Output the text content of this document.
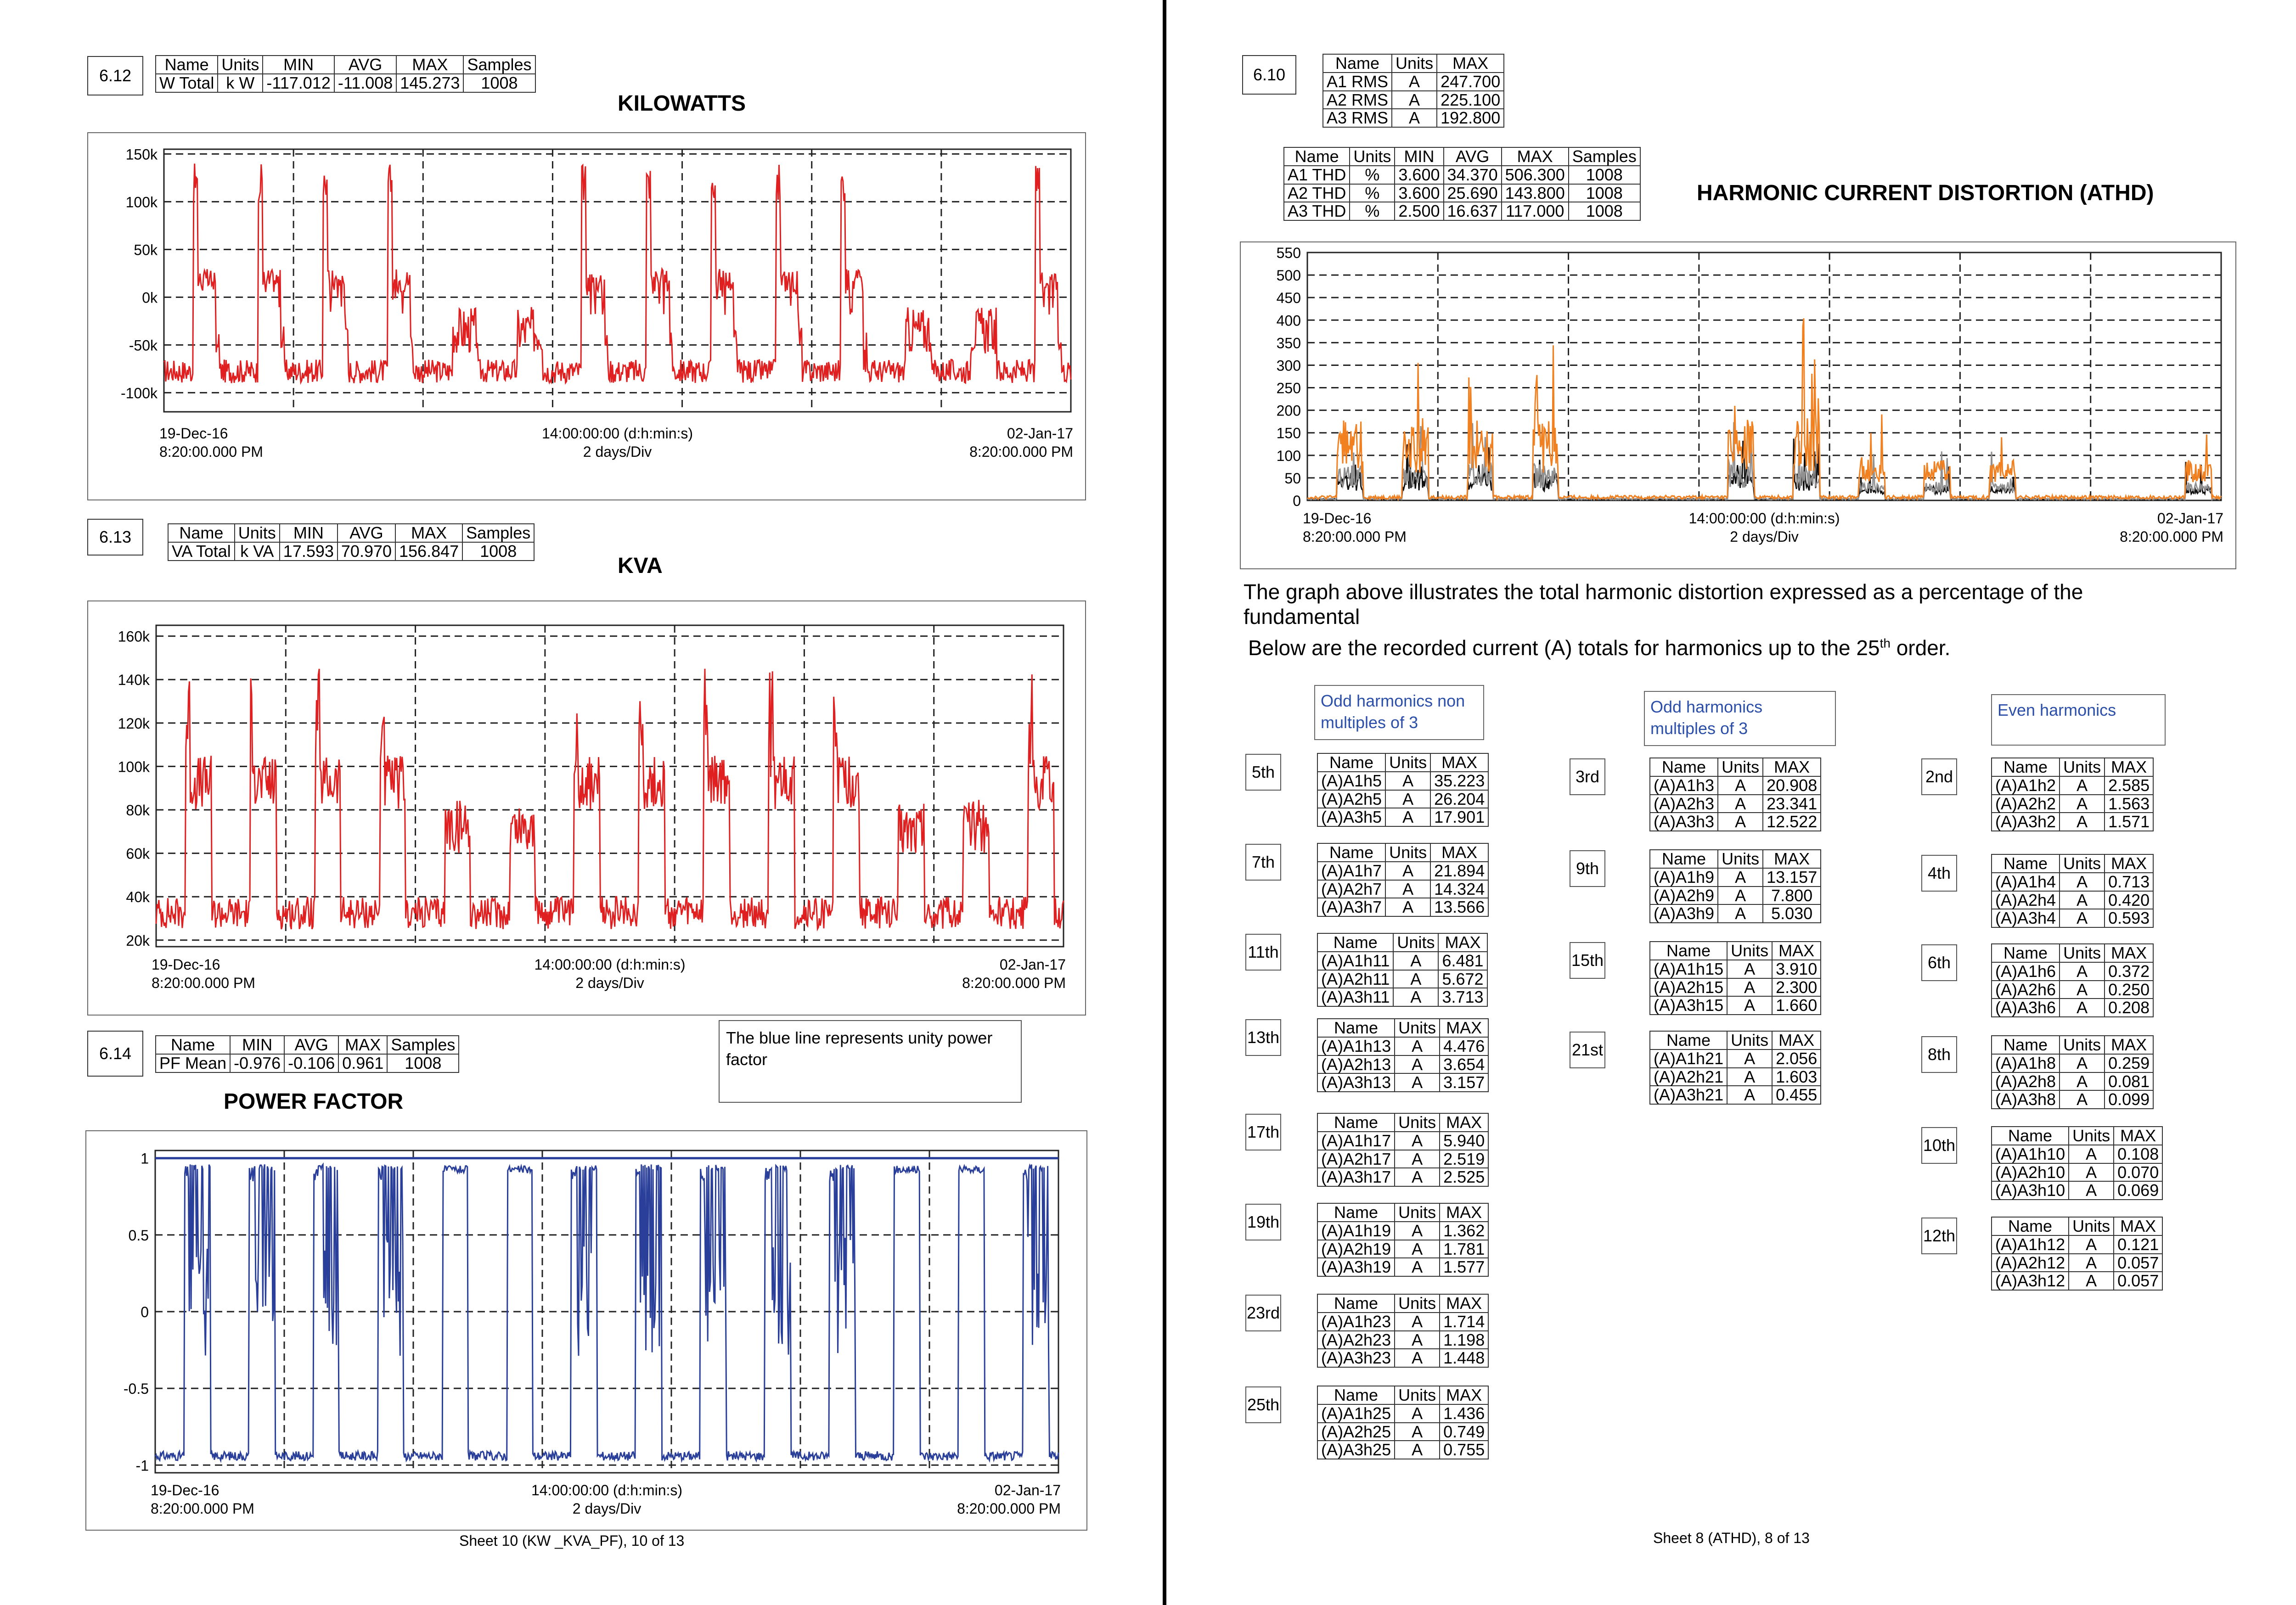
6.12
Name	Units	MIN	AVG	MAX	Samples
W Total	k W	-117.012	-11.008	145.273	1008
KILOWATTS
-100k
-50k
0k
50k
100k
150k
19-Dec-16
8:20:00.000 PM
14:00:00:00 (d:h:min:s)
2 days/Div
02-Jan-17
8:20:00.000 PM
6.13	Name	Units	MIN	AVG	MAX	Samples
VA Total	k VA	17.593	70.970	156.847	1008
KVA
20k
40k
60k
80k
100k
120k
140k
160k
19-Dec-16
8:20:00.000 PM
14:00:00:00 (d:h:min:s)
2 days/Div
02-Jan-17
8:20:00.000 PM
6.14	Name	MIN	AVG	MAX	Samples
PF Mean	-0.976	-0.106	0.961	1008
POWER FACTOR
The blue line represents unity power factor
-1
-0.5
0
0.5
1
19-Dec-16
8:20:00.000 PM
14:00:00:00 (d:h:min:s)
2 days/Div
02-Jan-17
8:20:00.000 PM
Sheet 10 (KW _KVA_PF), 10 of 13
6.10
Name	Units	MAX
A1 RMS	A	247.700
A2 RMS	A	225.100
A3 RMS	A	192.800
Name	Units	MIN	AVG	MAX	Samples
A1 THD	%	3.600	34.370	506.300	1008
A2 THD	%	3.600	25.690	143.800	1008
A3 THD	%	2.500	16.637	117.000	1008
HARMONIC CURRENT DISTORTION (ATHD)
0
50
100
150
200
250
300
350
400
450
500
550
19-Dec-16
8:20:00.000 PM
14:00:00:00 (d:h:min:s)
2 days/Div
02-Jan-17
8:20:00.000 PM
The graph above illustrates the total harmonic distortion expressed as a percentage of the fundamental
Below are the recorded current (A) totals for harmonics up to the 25th order.
Odd harmonics non multiples of 3
Odd harmonics multiples of 3
Even harmonics
5th
Name	Units	MAX
(A)A1h5	A	35.223
(A)A2h5	A	26.204
(A)A3h5	A	17.901
7th
Name	Units	MAX
(A)A1h7	A	21.894
(A)A2h7	A	14.324
(A)A3h7	A	13.566
11th
Name	Units	MAX
(A)A1h11	A	6.481
(A)A2h11	A	5.672
(A)A3h11	A	3.713
13th
Name	Units	MAX
(A)A1h13	A	4.476
(A)A2h13	A	3.654
(A)A3h13	A	3.157
17th
Name	Units	MAX
(A)A1h17	A	5.940
(A)A2h17	A	2.519
(A)A3h17	A	2.525
19th
Name	Units	MAX
(A)A1h19	A	1.362
(A)A2h19	A	1.781
(A)A3h19	A	1.577
23rd
Name	Units	MAX
(A)A1h23	A	1.714
(A)A2h23	A	1.198
(A)A3h23	A	1.448
25th
Name	Units	MAX
(A)A1h25	A	1.436
(A)A2h25	A	0.749
(A)A3h25	A	0.755
3rd
Name	Units	MAX
(A)A1h3	A	20.908
(A)A2h3	A	23.341
(A)A3h3	A	12.522
9th
Name	Units	MAX
(A)A1h9	A	13.157
(A)A2h9	A	7.800
(A)A3h9	A	5.030
15th
Name	Units	MAX
(A)A1h15	A	3.910
(A)A2h15	A	2.300
(A)A3h15	A	1.660
21st
Name	Units	MAX
(A)A1h21	A	2.056
(A)A2h21	A	1.603
(A)A3h21	A	0.455
2nd
Name	Units	MAX
(A)A1h2	A	2.585
(A)A2h2	A	1.563
(A)A3h2	A	1.571
4th
Name	Units	MAX
(A)A1h4	A	0.713
(A)A2h4	A	0.420
(A)A3h4	A	0.593
6th
Name	Units	MAX
(A)A1h6	A	0.372
(A)A2h6	A	0.250
(A)A3h6	A	0.208
8th
Name	Units	MAX
(A)A1h8	A	0.259
(A)A2h8	A	0.081
(A)A3h8	A	0.099
10th
Name	Units	MAX
(A)A1h10	A	0.108
(A)A2h10	A	0.070
(A)A3h10	A	0.069
12th
Name	Units	MAX
(A)A1h12	A	0.121
(A)A2h12	A	0.057
(A)A3h12	A	0.057
Sheet 8 (ATHD), 8 of 13
